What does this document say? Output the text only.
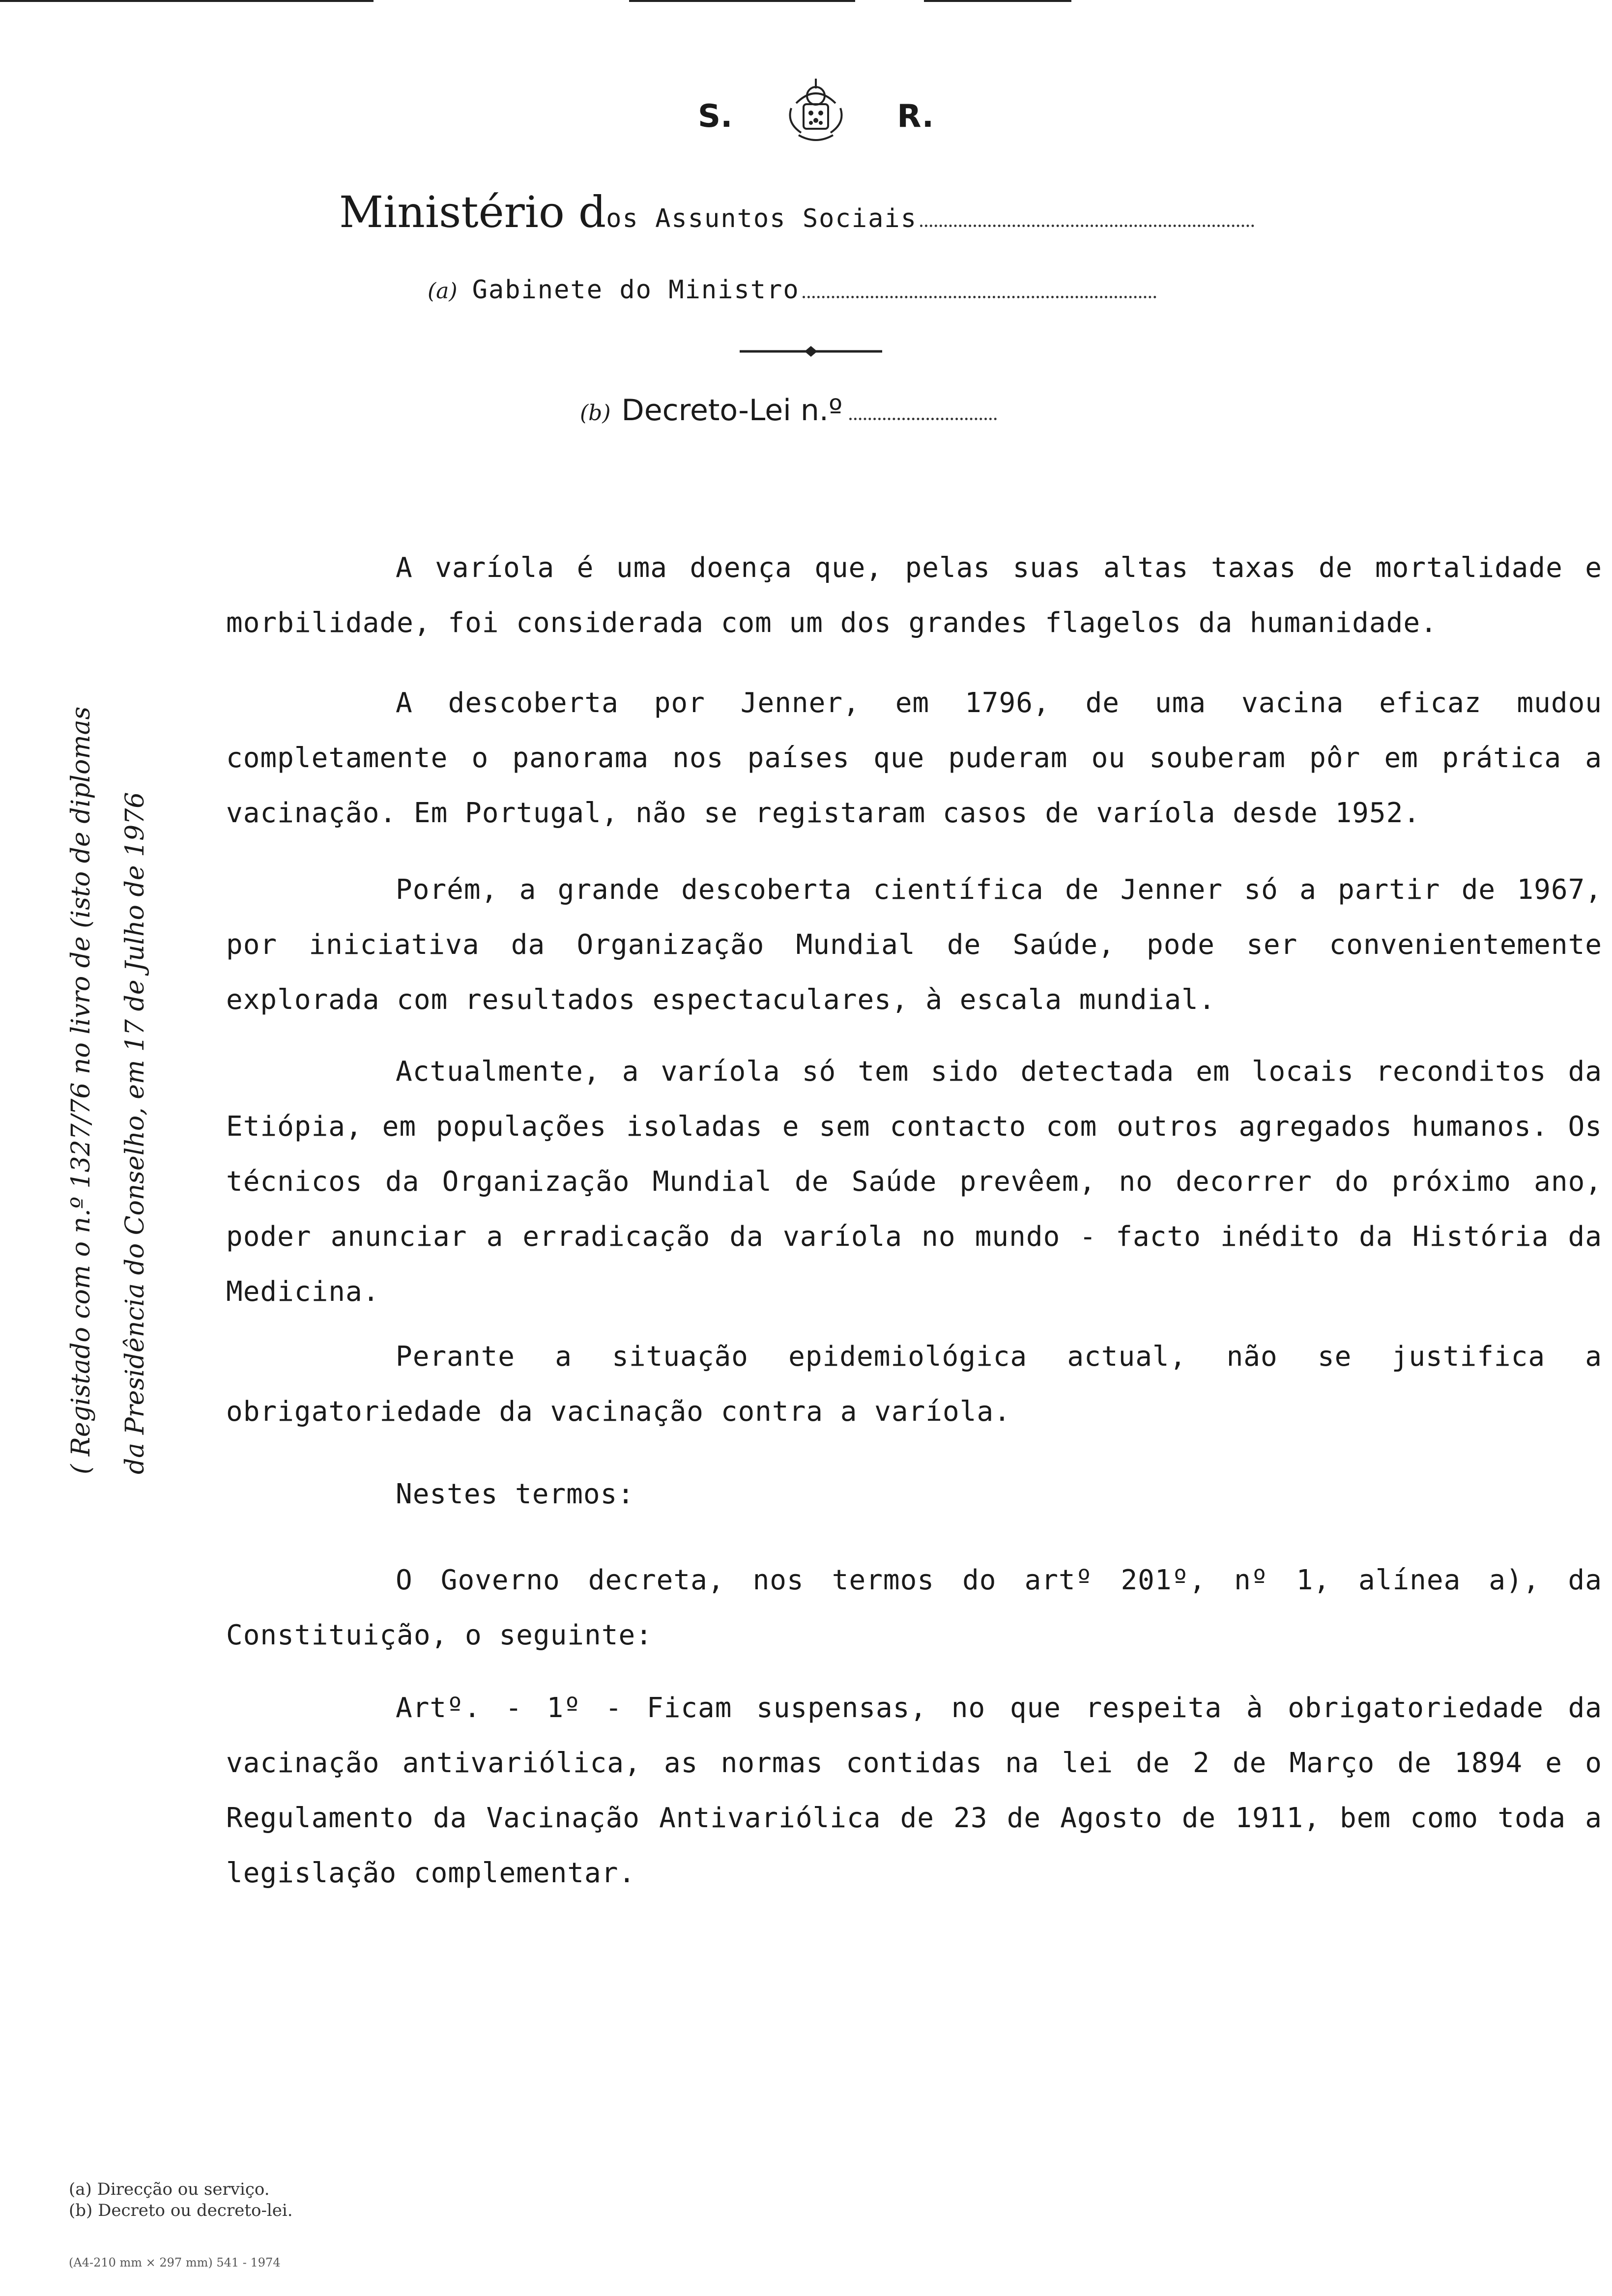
S.	R.
Ministério dos Assuntos Sociais
(a) Gabinete do Ministro
(b) Decreto-Lei n.º
( Registado com o n.º 1327/76 no livro de (isto de diplomas da Presidência do Conselho, em 17 de Julho de 1976

A varíola é uma doença que, pelas suas altas taxas de mortalidade e morbilidade, foi considerada com um dos grandes flagelos da humanidade.

A descoberta por Jenner, em 1796, de uma vacina eficaz mudou completamente o panorama nos países que puderam ou souberam pôr em prática a vacinação. Em Portugal, não se registaram casos de varíola desde 1952.

Porém, a grande descoberta científica de Jenner só a partir de 1967, por iniciativa da Organização Mundial de Saúde, pode ser convenientemente explorada com resultados espectaculares, à escala mundial.

Actualmente, a varíola só tem sido detectada em locais reconditos da Etiópia, em populações isoladas e sem contacto com outros agregados humanos. Os técnicos da Organização Mundial de Saúde prevêem, no decorrer do próximo ano, poder anunciar a erradicação da varíola no mundo - facto inédito da História da Medicina.

Perante a situação epidemiológica actual, não se justifica a obrigatoriedade da vacinação contra a varíola.

Nestes termos:

O Governo decreta, nos termos do artº 201º, nº 1, alínea a), da Constituição, o seguinte:

Artº. - 1º - Ficam suspensas, no que respeita à obrigatoriedade da vacinação antivariólica, as normas contidas na lei de 2 de Março de 1894 e o Regulamento da Vacinação Antivariólica de 23 de Agosto de 1911, bem como toda a legislação complementar.

(a) Direcção ou serviço.
(b) Decreto ou decreto-lei.
(A4-210 mm × 297 mm) 541 - 1974
